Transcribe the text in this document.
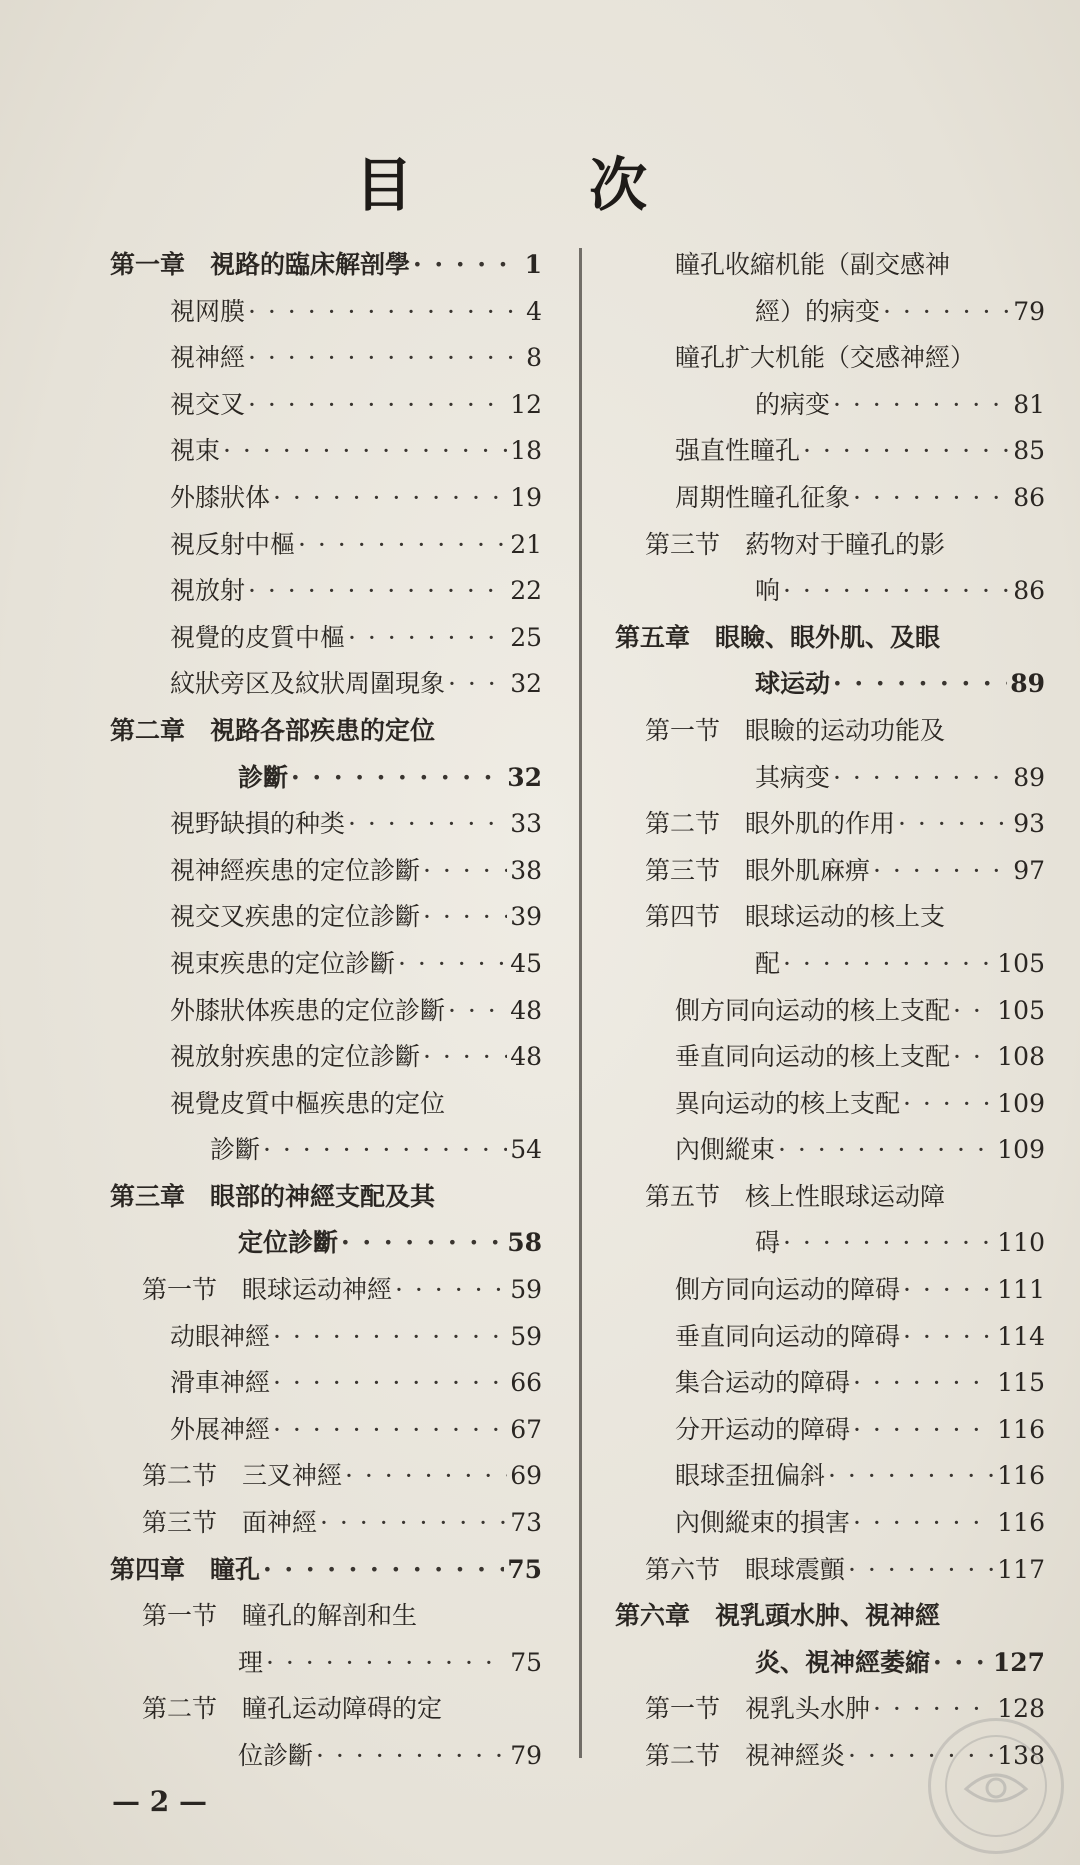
目 次
第一章　視路的臨床解剖學 · · ·	1
視网膜 · · ·	4
視神經 · · ·	8
視交叉 · · ·	12
視束 · · ·	18
外膝狀体 · · ·	19
視反射中樞 · · ·	21
視放射 · · ·	22
視覺的皮質中樞 · · ·	25
紋狀旁区及紋狀周圍現象 · · ·	32
第二章　視路各部疾患的定位
診斷 · · ·	32
視野缺損的种类 · · ·	33
視神經疾患的定位診斷 · · ·	38
視交叉疾患的定位診斷 · · ·	39
視束疾患的定位診斷 · · ·	45
外膝狀体疾患的定位診斷 · · ·	48
視放射疾患的定位診斷 · · ·	48
視覺皮質中樞疾患的定位
診斷 · · ·	54
第三章　眼部的神經支配及其
定位診斷 · · ·	58
第一节　眼球运动神經 · · ·	59
动眼神經 · · ·	59
滑車神經 · · ·	66
外展神經 · · ·	67
第二节　三叉神經 · · ·	69
第三节　面神經 · · ·	73
第四章　瞳孔 · · ·	75
第一节　瞳孔的解剖和生
理 · · ·	75
第二节　瞳孔运动障碍的定
位診斷 · · ·	79
瞳孔收縮机能（副交感神
經）的病变 · · ·	79
瞳孔扩大机能（交感神經）
的病变 · · ·	81
强直性瞳孔 · · ·	85
周期性瞳孔征象 · · ·	86
第三节　葯物对于瞳孔的影
响 · · ·	86
第五章　眼瞼、眼外肌、及眼
球运动 · · ·	89
第一节　眼瞼的运动功能及
其病变 · · ·	89
第二节　眼外肌的作用 · · ·	93
第三节　眼外肌麻痹 · · ·	97
第四节　眼球运动的核上支
配 · · ·	105
側方同向运动的核上支配 · · · 105
垂直同向运动的核上支配 · · · 108
異向运动的核上支配 · · ·	109
內側縱束 · · ·	109
第五节　核上性眼球运动障
碍 · · ·	110
側方同向运动的障碍 · · ·	111
垂直同向运动的障碍 · · ·	114
集合运动的障碍 · · ·	115
分开运动的障碍 · · ·	116
眼球歪扭偏斜 · · ·	116
內側縱束的損害 · · ·	116
第六节　眼球震顫 · · ·	117
第六章　視乳頭水肿、視神經
炎、視神經萎縮 · · ·	127
第一节　視乳头水肿 · · ·	128
第二节　視神經炎 · · ·	138
— 2 —
